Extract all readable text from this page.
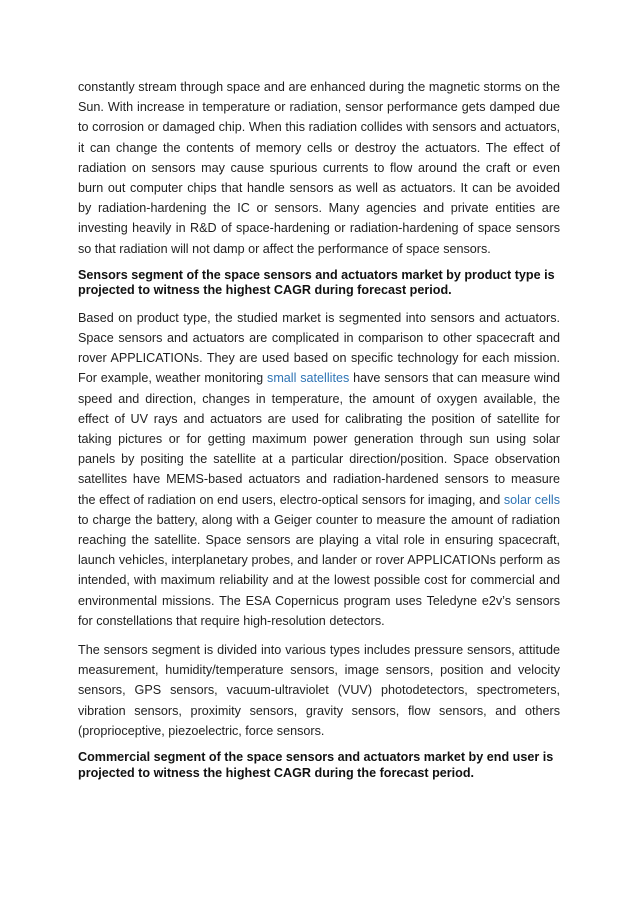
constantly stream through space and are enhanced during the magnetic storms on the Sun. With increase in temperature or radiation, sensor performance gets damped due to corrosion or damaged chip. When this radiation collides with sensors and actuators, it can change the contents of memory cells or destroy the actuators. The effect of radiation on sensors may cause spurious currents to flow around the craft or even burn out computer chips that handle sensors as well as actuators. It can be avoided by radiation-hardening the IC or sensors. Many agencies and private entities are investing heavily in R&D of space-hardening or radiation-hardening of space sensors so that radiation will not damp or affect the performance of space sensors.

Sensors segment of the space sensors and actuators market by product type is projected to witness the highest CAGR during forecast period.

Based on product type, the studied market is segmented into sensors and actuators. Space sensors and actuators are complicated in comparison to other spacecraft and rover APPLICATIONs. They are used based on specific technology for each mission. For example, weather monitoring small satellites have sensors that can measure wind speed and direction, changes in temperature, the amount of oxygen available, the effect of UV rays and actuators are used for calibrating the position of satellite for taking pictures or for getting maximum power generation through sun using solar panels by positing the satellite at a particular direction/position. Space observation satellites have MEMS-based actuators and radiation-hardened sensors to measure the effect of radiation on end users, electro-optical sensors for imaging, and solar cells to charge the battery, along with a Geiger counter to measure the amount of radiation reaching the satellite. Space sensors are playing a vital role in ensuring spacecraft, launch vehicles, interplanetary probes, and lander or rover APPLICATIONs perform as intended, with maximum reliability and at the lowest possible cost for commercial and environmental missions. The ESA Copernicus program uses Teledyne e2v’s sensors for constellations that require high-resolution detectors.

The sensors segment is divided into various types includes pressure sensors, attitude measurement, humidity/temperature sensors, image sensors, position and velocity sensors, GPS sensors, vacuum-ultraviolet (VUV) photodetectors, spectrometers, vibration sensors, proximity sensors, gravity sensors, flow sensors, and others (proprioceptive, piezoelectric, force sensors.

Commercial segment of the space sensors and actuators market by end user is projected to witness the highest CAGR during the forecast period.
